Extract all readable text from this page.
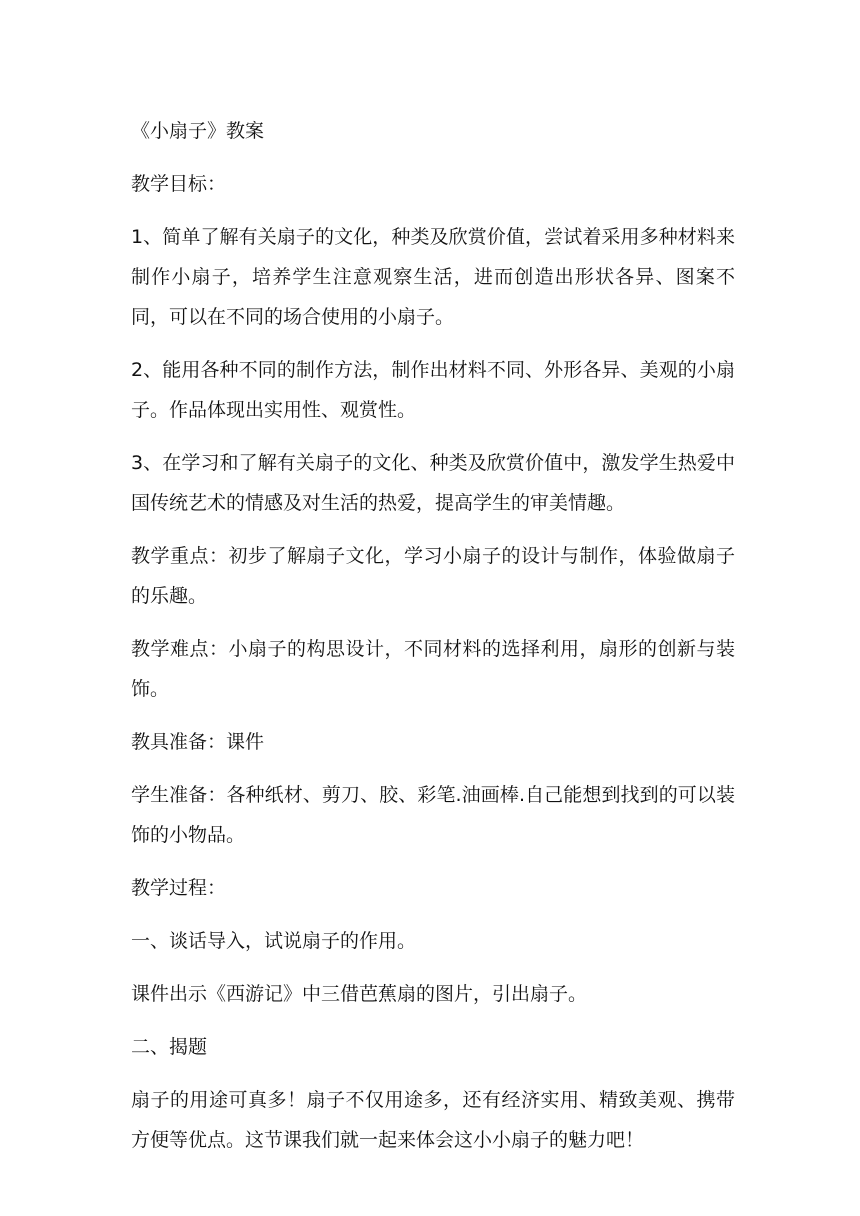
《小扇子》教案

教学目标：

1、简单了解有关扇子的文化，种类及欣赏价值，尝试着采用多种材料来制作小扇子，培养学生注意观察生活，进而创造出形状各异、图案不同，可以在不同的场合使用的小扇子。

2、能用各种不同的制作方法，制作出材料不同、外形各异、美观的小扇子。作品体现出实用性、观赏性。

3、在学习和了解有关扇子的文化、种类及欣赏价值中，激发学生热爱中国传统艺术的情感及对生活的热爱，提高学生的审美情趣。

教学重点：初步了解扇子文化，学习小扇子的设计与制作，体验做扇子的乐趣。

教学难点：小扇子的构思设计，不同材料的选择利用，扇形的创新与装饰。

教具准备：课件

学生准备：各种纸材、剪刀、胶、彩笔.油画棒.自己能想到找到的可以装饰的小物品。

教学过程：

一、谈话导入，试说扇子的作用。

课件出示《西游记》中三借芭蕉扇的图片，引出扇子。

二、揭题

扇子的用途可真多！扇子不仅用途多，还有经济实用、精致美观、携带方便等优点。这节课我们就一起来体会这小小扇子的魅力吧！
